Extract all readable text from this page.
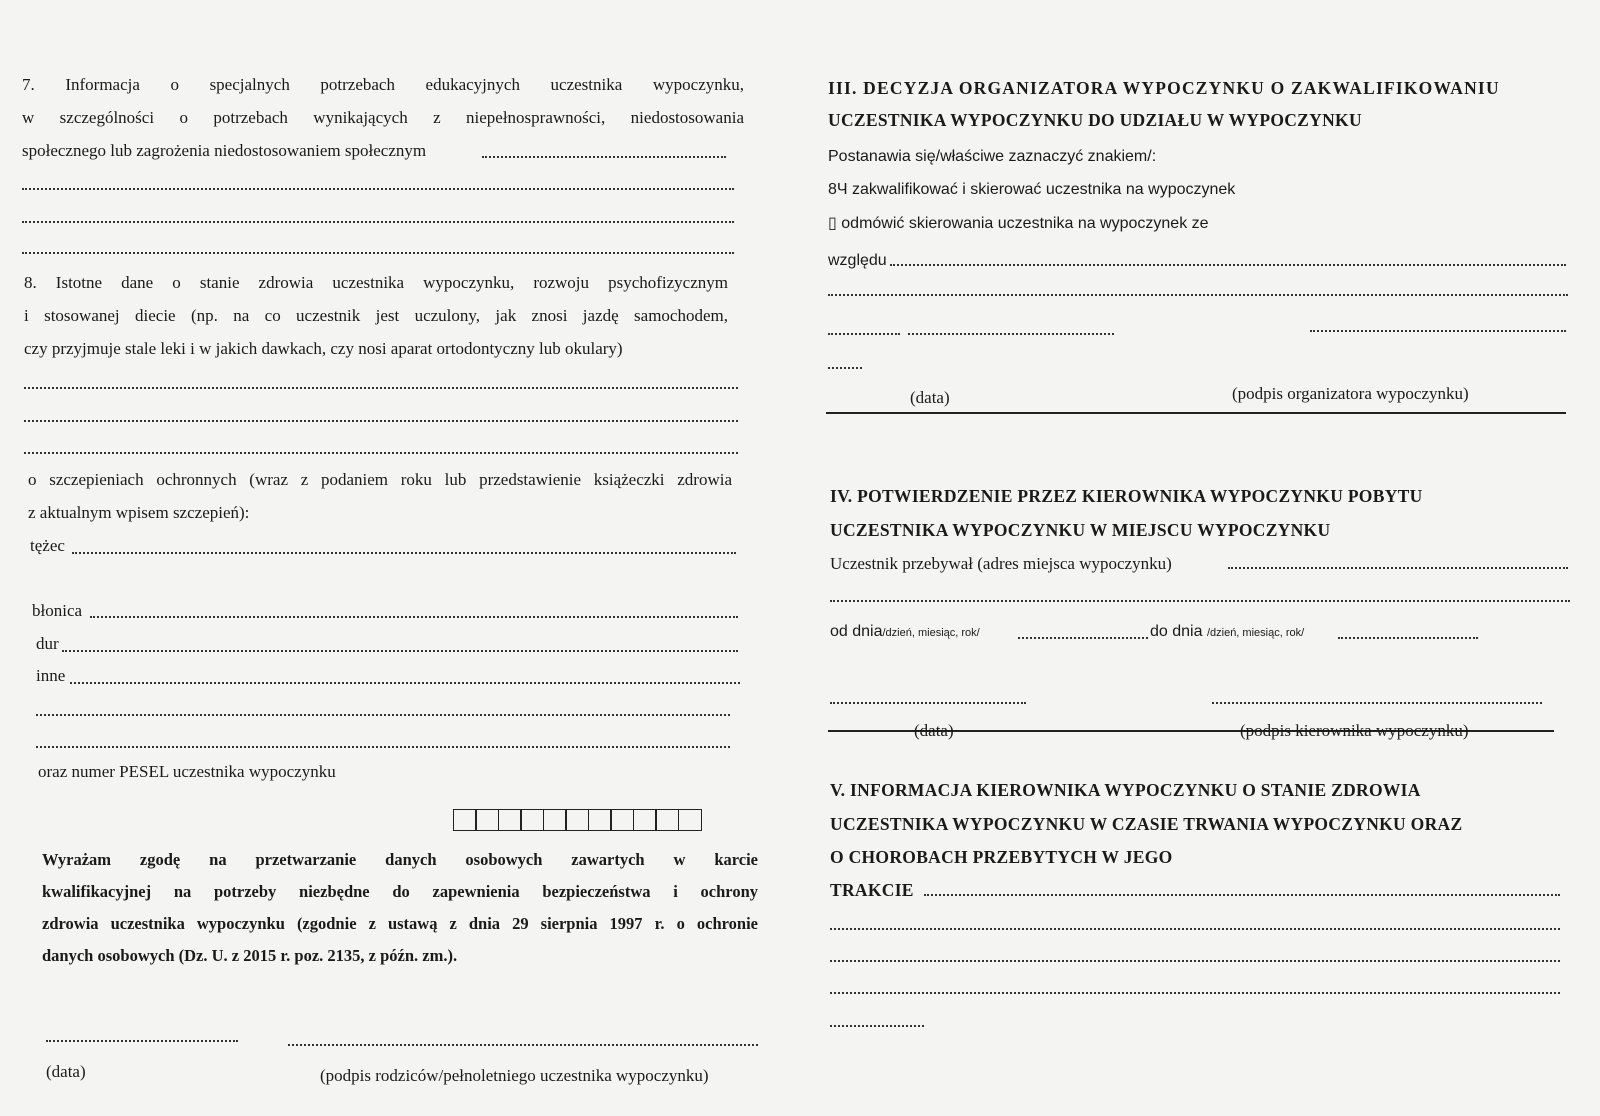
7. Informacja o specjalnych potrzebach edukacyjnych uczestnika wypoczynku,
w szczególności o potrzebach wynikających z niepełnosprawności, niedostosowania
społecznego lub zagrożenia niedostosowaniem społecznym
8. Istotne dane o stanie zdrowia uczestnika wypoczynku, rozwoju psychofizycznym
i stosowanej diecie (np. na co uczestnik jest uczulony, jak znosi jazdę samochodem,
czy przyjmuje stale leki i w jakich dawkach, czy nosi aparat ortodontyczny lub okulary)
o szczepieniach ochronnych (wraz z podaniem roku lub przedstawienie książeczki zdrowia
z aktualnym wpisem szczepień):
tężec
błonica
dur
inne
oraz numer PESEL uczestnika wypoczynku
Wyrażam zgodę na przetwarzanie danych osobowych zawartych w karcie
kwalifikacyjnej na potrzeby niezbędne do zapewnienia bezpieczeństwa i ochrony
zdrowia uczestnika wypoczynku (zgodnie z ustawą z dnia 29 sierpnia 1997 r. o ochronie
danych osobowych (Dz. U. z 2015 r. poz. 2135, z późn. zm.).
(data)	(podpis rodziców/pełnoletniego uczestnika wypoczynku)
III. DECYZJA ORGANIZATORA WYPOCZYNKU O ZAKWALIFIKOWANIU
UCZESTNIKA WYPOCZYNKU DO UDZIAŁU W WYPOCZYNKU
Postanawia się/właściwe zaznaczyć znakiem/:
8Ч zakwalifikować i skierować uczestnika na wypoczynek
▯ odmówić skierowania uczestnika na wypoczynek ze
względu
(data)	(podpis organizatora wypoczynku)
IV. POTWIERDZENIE PRZEZ KIEROWNIKA WYPOCZYNKU POBYTU
UCZESTNIKA WYPOCZYNKU W MIEJSCU WYPOCZYNKU
Uczestnik przebywał (adres miejsca wypoczynku)
od dnia/dzień, miesiąc, rok/	do dnia /dzień, miesiąc, rok/
(data)	(podpis kierownika wypoczynku)
V. INFORMACJA KIEROWNIKA WYPOCZYNKU O STANIE ZDROWIA
UCZESTNIKA WYPOCZYNKU W CZASIE TRWANIA WYPOCZYNKU ORAZ
O CHOROBACH PRZEBYTYCH W JEGO
TRAKCIE
